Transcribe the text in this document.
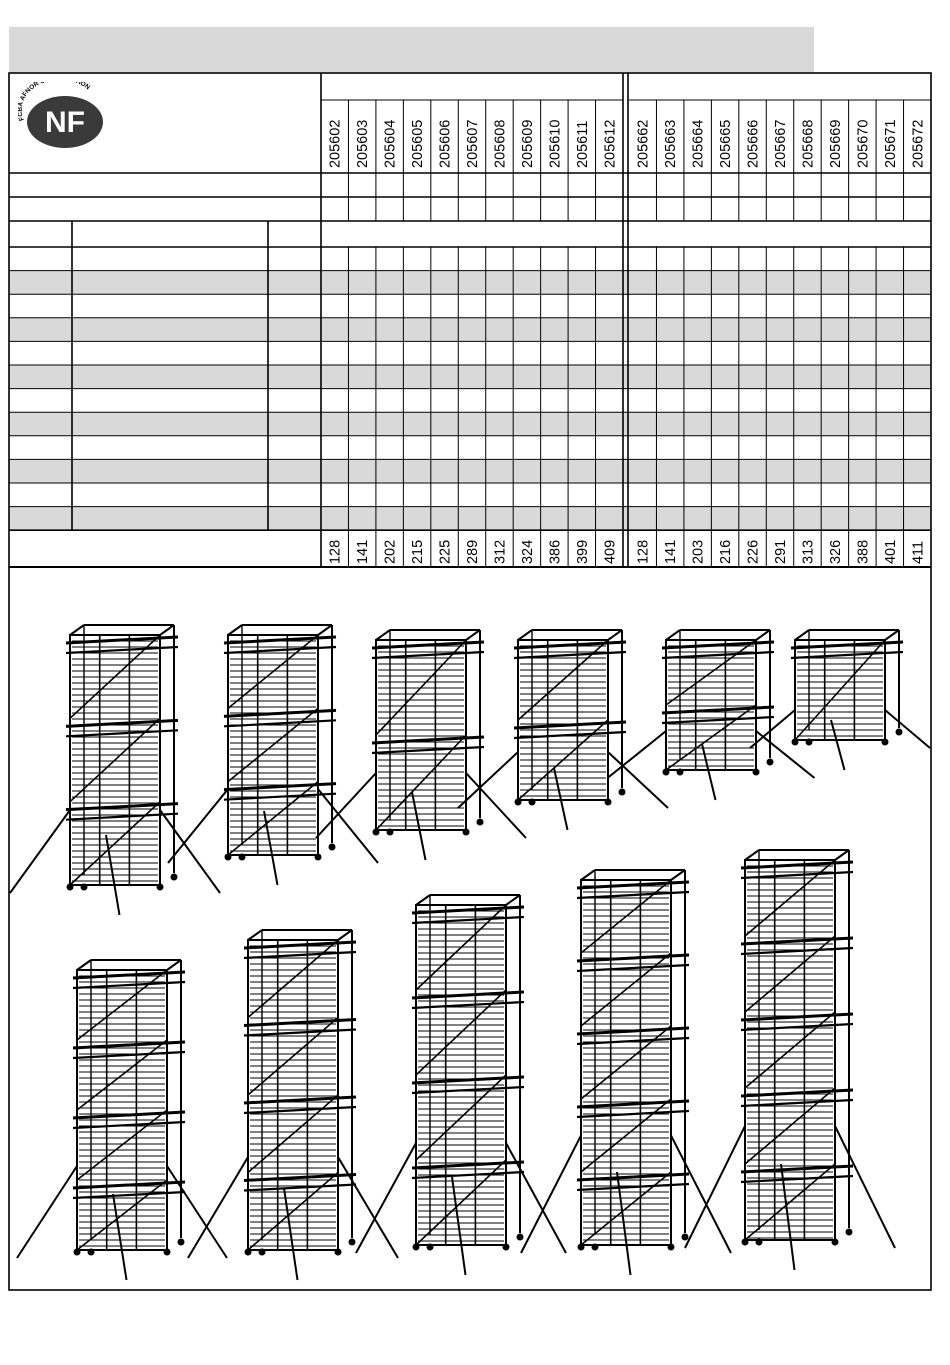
205602
128
205603
141
205604
202
205605
215
205606
225
205607
289
205608
312
205609
324
205610
386
205611
399
205612
409
205662
128
205663
141
205664
203
205665
216
205666
226
205667
291
205668
313
205669
326
205670
388
205671
401
205672
411
F AFNOR ION
NF
